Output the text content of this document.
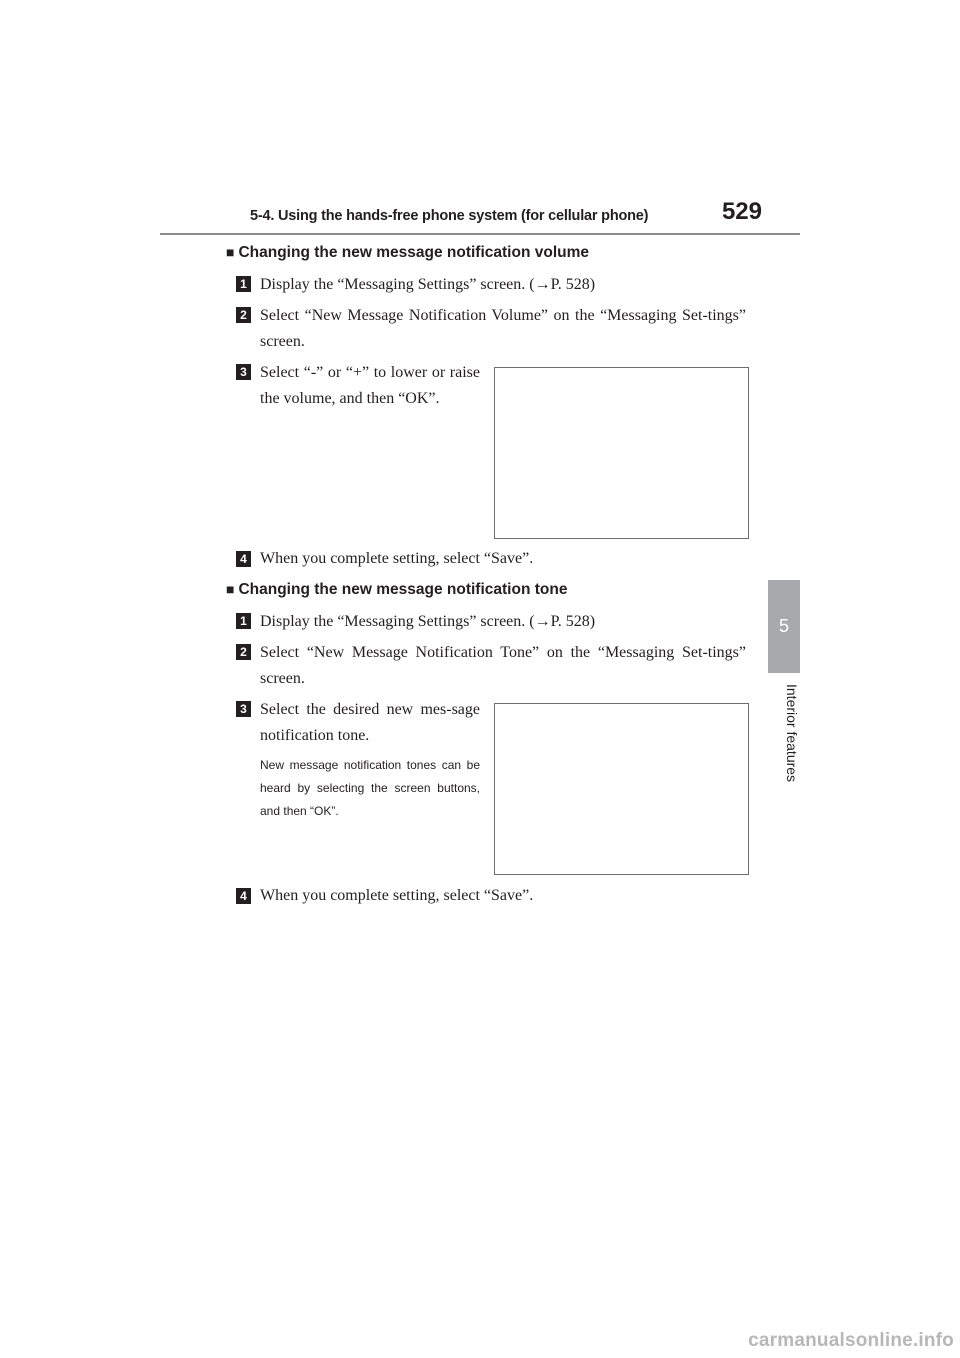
5-4. Using the hands-free phone system (for cellular phone)	529
5
Interior features
■ Changing the new message notification volume
1 Display the “Messaging Settings” screen. (→P. 528)
2 Select “New Message Notification Volume” on the “Messaging Set-tings” screen.
3 Select “-” or “+” to lower or raise the volume, and then “OK”.
4 When you complete setting, select “Save”.
■ Changing the new message notification tone
1 Display the “Messaging Settings” screen. (→P. 528)
2 Select “New Message Notification Tone” on the “Messaging Set-tings” screen.
3 Select the desired new mes-sage notification tone.
New message notification tones can be heard by selecting the screen buttons, and then “OK”.
4 When you complete setting, select “Save”.
carmanualsonline.info
